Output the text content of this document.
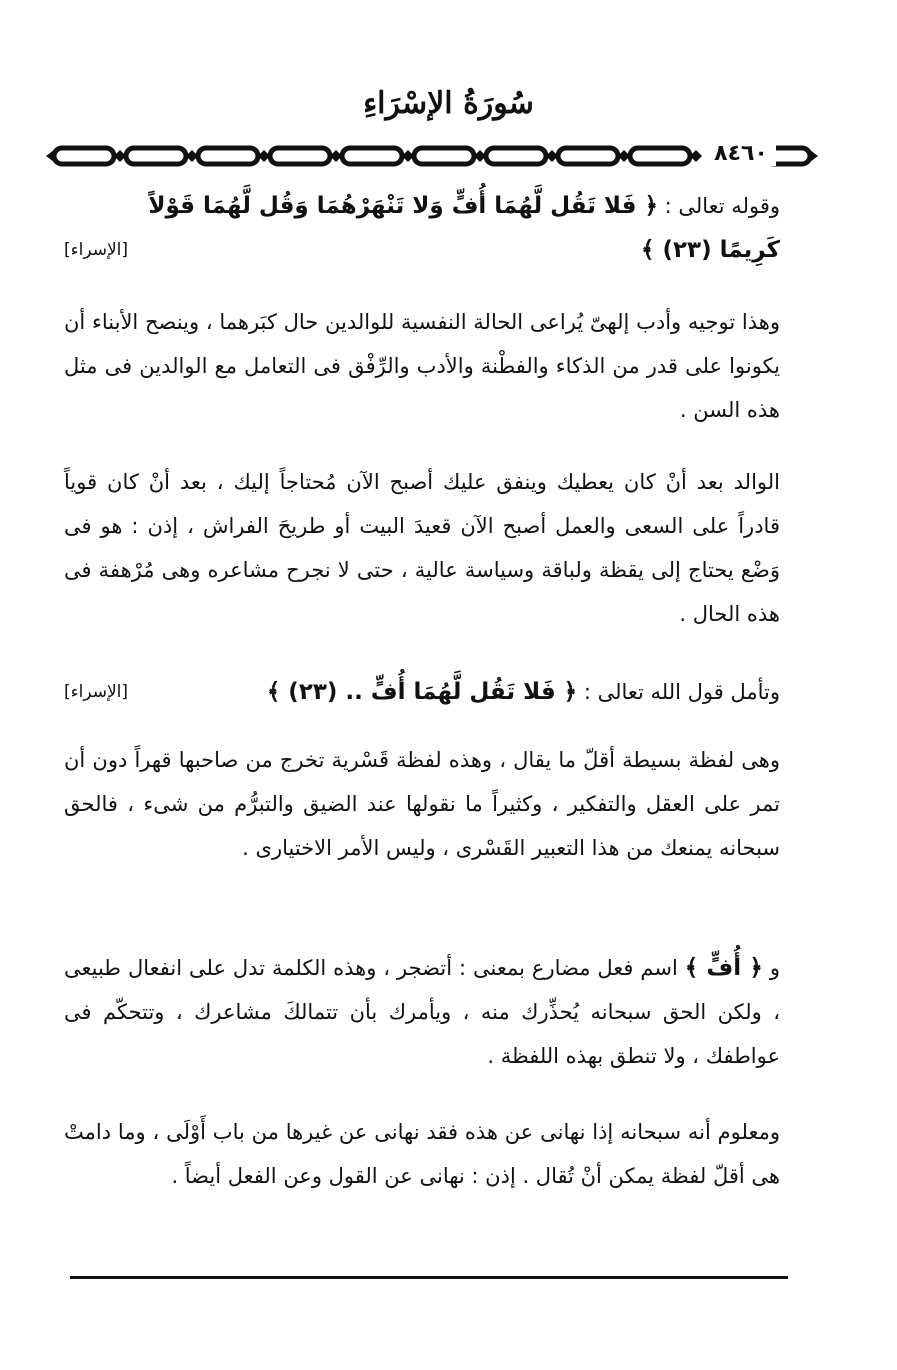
سُورَةُ الإسْرَاءِ
٨٤٦٠

وقوله تعالى : ﴿ فَلا تَقُل لَّهُمَا أُفٍّ وَلا تَنْهَرْهُمَا وَقُل لَّهُمَا قَوْلاً

كَرِيمًا (٢٣) ﴾
[الإسراء]

وهذا توجيه وأدب إلهىّ يُراعى الحالة النفسية للوالدين حال كبَرهما ، وينصح الأبناء أن يكونوا على قدر من الذكاء والفطْنة والأدب والرِّفْق فى التعامل مع الوالدين فى مثل هذه السن .

الوالد بعد أنْ كان يعطيك وينفق عليك أصبح الآن مُحتاجاً إليك ، بعد أنْ كان قوياً قادراً على السعى والعمل أصبح الآن قعيدَ البيت أو طريحَ الفراش ، إذن : هو فى وَضْع يحتاج إلى يقظة ولباقة وسياسة عالية ، حتى لا نجرح مشاعره وهى مُرْهفة فى هذه الحال .

وتأمل قول الله تعالى : ﴿ فَلا تَقُل لَّهُمَا أُفٍّ .. (٢٣) ﴾
[الإسراء]

وهى لفظة بسيطة أقلّ ما يقال ، وهذه لفظة قَسْرية تخرج من صاحبها قهراً دون أن تمر على العقل والتفكير ، وكثيراً ما نقولها عند الضيق والتبرُّم من شىء ، فالحق سبحانه يمنعك من هذا التعبير القَسْرى ، وليس الأمر الاختيارى .

و ﴿ أُفٍّ ﴾ اسم فعل مضارع بمعنى : أتضجر ، وهذه الكلمة تدل على انفعال طبيعى ، ولكن الحق سبحانه يُحذِّرك منه ، ويأمرك بأن تتمالكَ مشاعرك ، وتتحكّم فى عواطفك ، ولا تنطق بهذه اللفظة .

ومعلوم أنه سبحانه إذا نهانى عن هذه فقد نهانى عن غيرها من باب أَوْلَى ، وما دامتْ هى أقلّ لفظة يمكن أنْ تُقال . إذن : نهانى عن القول وعن الفعل أيضاً .
